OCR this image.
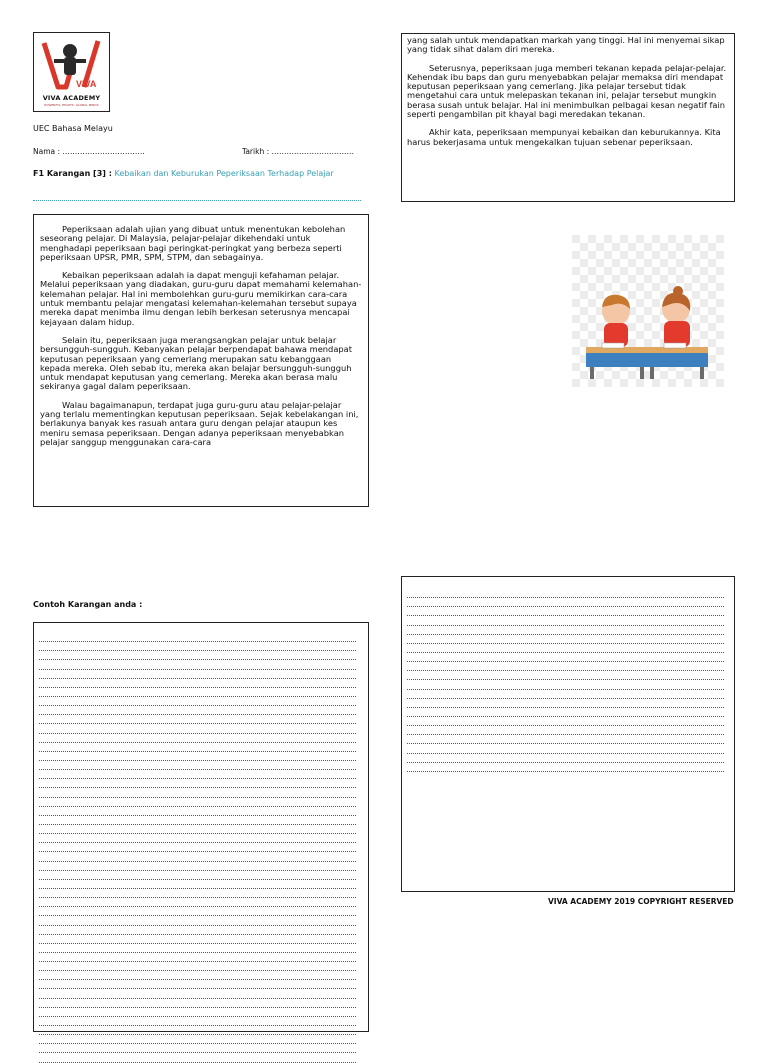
VIVA
VIVA ACADEMY
POWERFUL HEARTS. GLOBAL MINDS
UEC Bahasa Melayu
Nama : ……………………………	Tarikh : ……………………………
F1 Karangan [3] : Kebaikan dan Keburukan Peperiksaan Terhadap Pelajar

Peperiksaan adalah ujian yang dibuat untuk menentukan kebolehan seseorang pelajar. Di Malaysia, pelajar-pelajar dikehendaki untuk menghadapi peperiksaan bagi peringkat-peringkat yang berbeza seperti peperiksaan UPSR, PMR, SPM, STPM, dan sebagainya.

Kebaikan peperiksaan adalah ia dapat menguji kefahaman pelajar. Melalui peperiksaan yang diadakan, guru-guru dapat memahami kelemahan-kelemahan pelajar. Hal ini membolehkan guru-guru memikirkan cara-cara untuk membantu pelajar mengatasi kelemahan-kelemahan tersebut supaya mereka dapat menimba ilmu dengan lebih berkesan seterusnya mencapai kejayaan dalam hidup.

Selain itu, peperiksaan juga merangsangkan pelajar untuk belajar bersungguh-sungguh. Kebanyakan pelajar berpendapat bahawa mendapat keputusan peperiksaan yang cemerlang merupakan satu kebanggaan kepada mereka. Oleh sebab itu, mereka akan belajar bersungguh-sungguh untuk mendapat keputusan yang cemerlang. Mereka akan berasa malu sekiranya gagal dalam peperiksaan.

Walau bagaimanapun, terdapat juga guru-guru atau pelajar-pelajar yang terlalu mementingkan keputusan peperiksaan. Sejak kebelakangan ini, berlakunya banyak kes rasuah antara guru dengan pelajar ataupun kes meniru semasa peperiksaan. Dengan adanya peperiksaan menyebabkan pelajar sanggup menggunakan cara-cara

yang salah untuk mendapatkan markah yang tinggi. Hal ini menyemai sikap yang tidak sihat dalam diri mereka.

Seterusnya, peperiksaan juga memberi tekanan kepada pelajar-pelajar. Kehendak ibu baps dan guru menyebabkan pelajar memaksa diri mendapat keputusan peperiksaan yang cemerlang. Jika pelajar tersebut tidak mengetahui cara untuk melepaskan tekanan ini, pelajar tersebut mungkin berasa susah untuk belajar. Hal ini menimbulkan pelbagai kesan negatif fain seperti pengambilan pit khayal bagi meredakan tekanan.

Akhir kata, peperiksaan mempunyai kebaikan dan keburukannya. Kita harus bekerjasama untuk mengekalkan tujuan sebenar peperiksaan.

Contoh Karangan anda :
VIVA ACADEMY 2019 COPYRIGHT RESERVED
